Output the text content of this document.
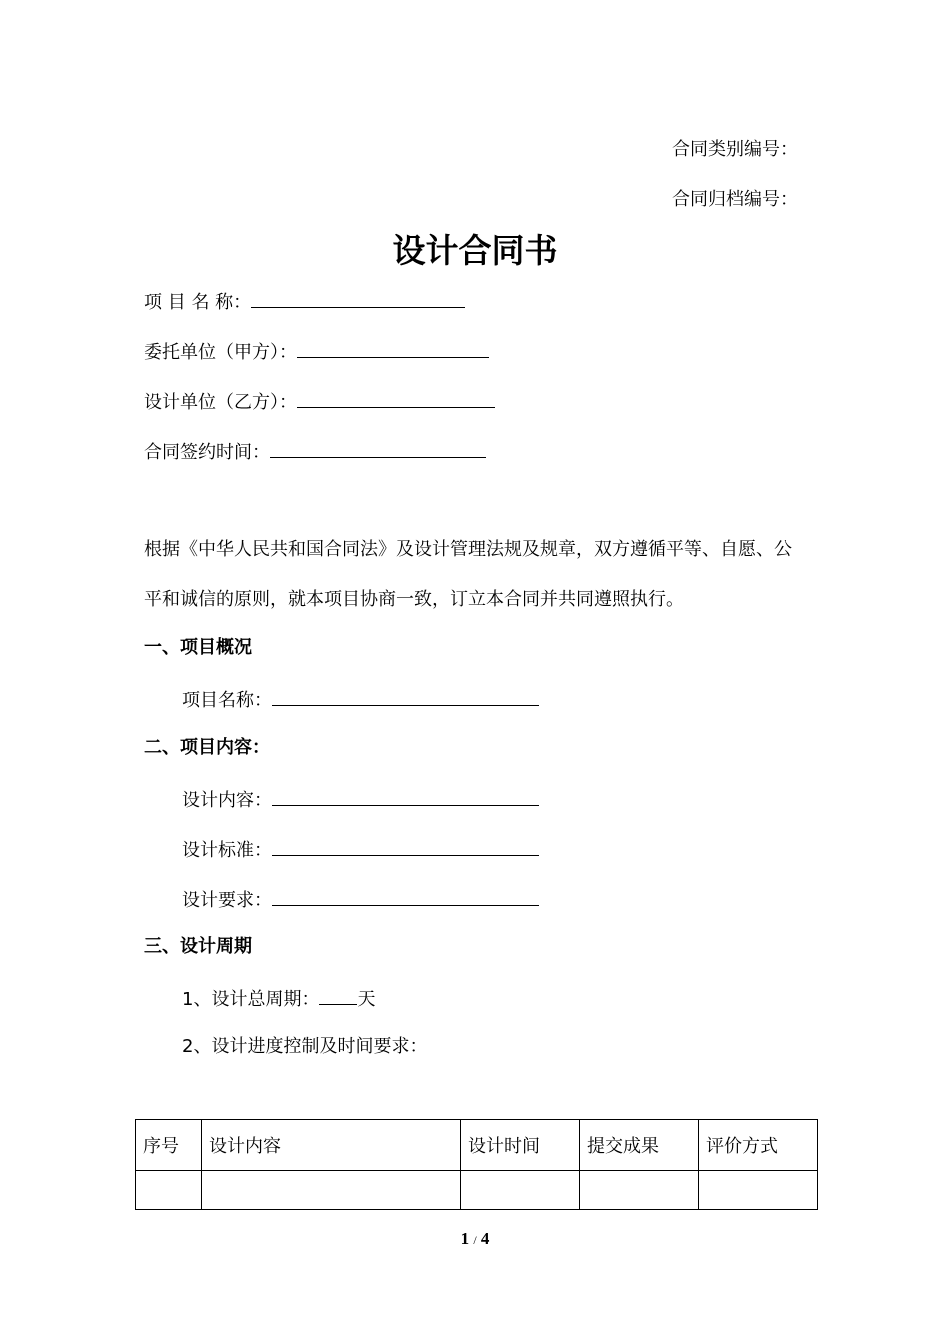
合同类别编号：
合同归档编号：
设计合同书
项 目 名 称：
委托单位（甲方）：
设计单位（乙方）：
合同签约时间：
根据《中华人民共和国合同法》及设计管理法规及规章，双方遵循平等、自愿、公
平和诚信的原则，就本项目协商一致，订立本合同并共同遵照执行。
一、项目概况
项目名称：
二、项目内容：
设计内容：
设计标准：
设计要求：
三、设计周期
1、设计总周期： 天
2、设计进度控制及时间要求：
序号	设计内容	设计时间	提交成果	评价方式

1 / 4
